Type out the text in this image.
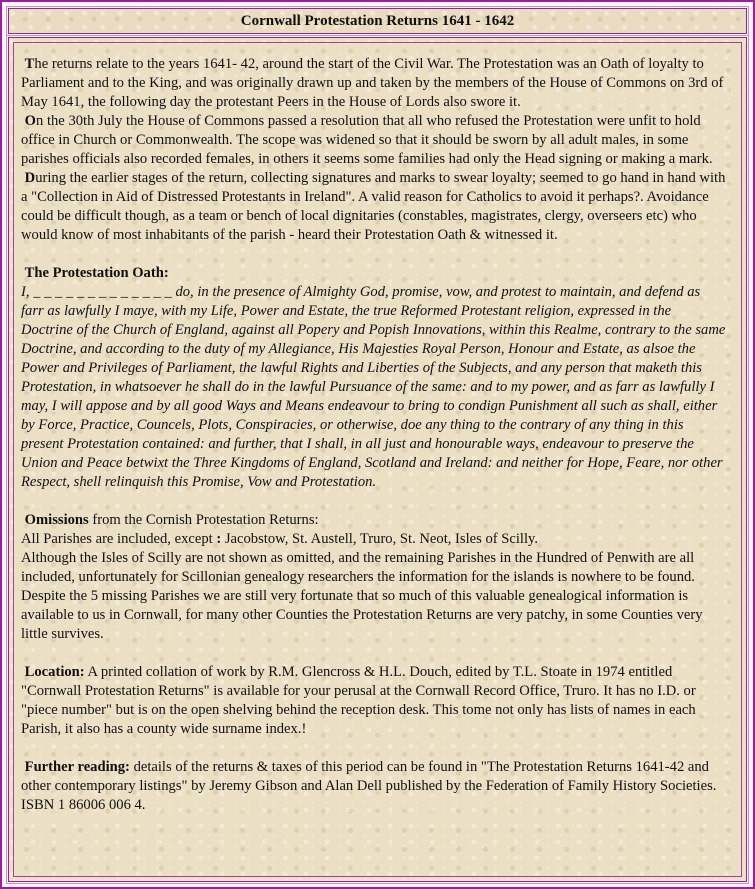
Cornwall Protestation Returns 1641 - 1642

The returns relate to the years 1641- 42, around the start of the Civil War. The Protestation was an Oath of loyalty to Parliament and to the King, and was originally drawn up and taken by the members of the House of Commons on 3rd of May 1641, the following day the protestant Peers in the House of Lords also swore it.

On the 30th July the House of Commons passed a resolution that all who refused the Protestation were unfit to hold office in Church or Commonwealth. The scope was widened so that it should be sworn by all adult males, in some parishes officials also recorded females, in others it seems some families had only the Head signing or making a mark.

During the earlier stages of the return, collecting signatures and marks to swear loyalty; seemed to go hand in hand with a "Collection in Aid of Distressed Protestants in Ireland". A valid reason for Catholics to avoid it perhaps?. Avoidance could be difficult though, as a team or bench of local dignitaries (constables, magistrates, clergy, overseers etc) who would know of most inhabitants of the parish - heard their Protestation Oath & witnessed it.

The Protestation Oath:

I, _ _ _ _ _ _ _ _ _ _ _ _ _ do, in the presence of Almighty God, promise, vow, and protest to maintain, and defend as farr as lawfully I maye, with my Life, Power and Estate, the true Reformed Protestant religion, expressed in the Doctrine of the Church of England, against all Popery and Popish Innovations, within this Realme, contrary to the same Doctrine, and according to the duty of my Allegiance, His Majesties Royal Person, Honour and Estate, as alsoe the Power and Privileges of Parliament, the lawful Rights and Liberties of the Subjects, and any person that maketh this Protestation, in whatsoever he shall do in the lawful Pursuance of the same: and to my power, and as farr as lawfully I may, I will appose and by all good Ways and Means endeavour to bring to condign Punishment all such as shall, either by Force, Practice, Councels, Plots, Conspiracies, or otherwise, doe any thing to the contrary of any thing in this present Protestation contained: and further, that I shall, in all just and honourable ways, endeavour to preserve the Union and Peace betwixt the Three Kingdoms of England, Scotland and Ireland: and neither for Hope, Feare, nor other Respect, shell relinquish this Promise, Vow and Protestation.

Omissions from the Cornish Protestation Returns:

All Parishes are included, except : Jacobstow, St. Austell, Truro, St. Neot, Isles of Scilly.

Although the Isles of Scilly are not shown as omitted, and the remaining Parishes in the Hundred of Penwith are all included, unfortunately for Scillonian genealogy researchers the information for the islands is nowhere to be found.

Despite the 5 missing Parishes we are still very fortunate that so much of this valuable genealogical information is available to us in Cornwall, for many other Counties the Protestation Returns are very patchy, in some Counties very little survives.

Location: A printed collation of work by R.M. Glencross & H.L. Douch, edited by T.L. Stoate in 1974 entitled "Cornwall Protestation Returns" is available for your perusal at the Cornwall Record Office, Truro. It has no I.D. or "piece number" but is on the open shelving behind the reception desk. This tome not only has lists of names in each Parish, it also has a county wide surname index.!

Further reading: details of the returns & taxes of this period can be found in "The Protestation Returns 1641-42 and other contemporary listings" by Jeremy Gibson and Alan Dell published by the Federation of Family History Societies. ISBN 1 86006 006 4.
